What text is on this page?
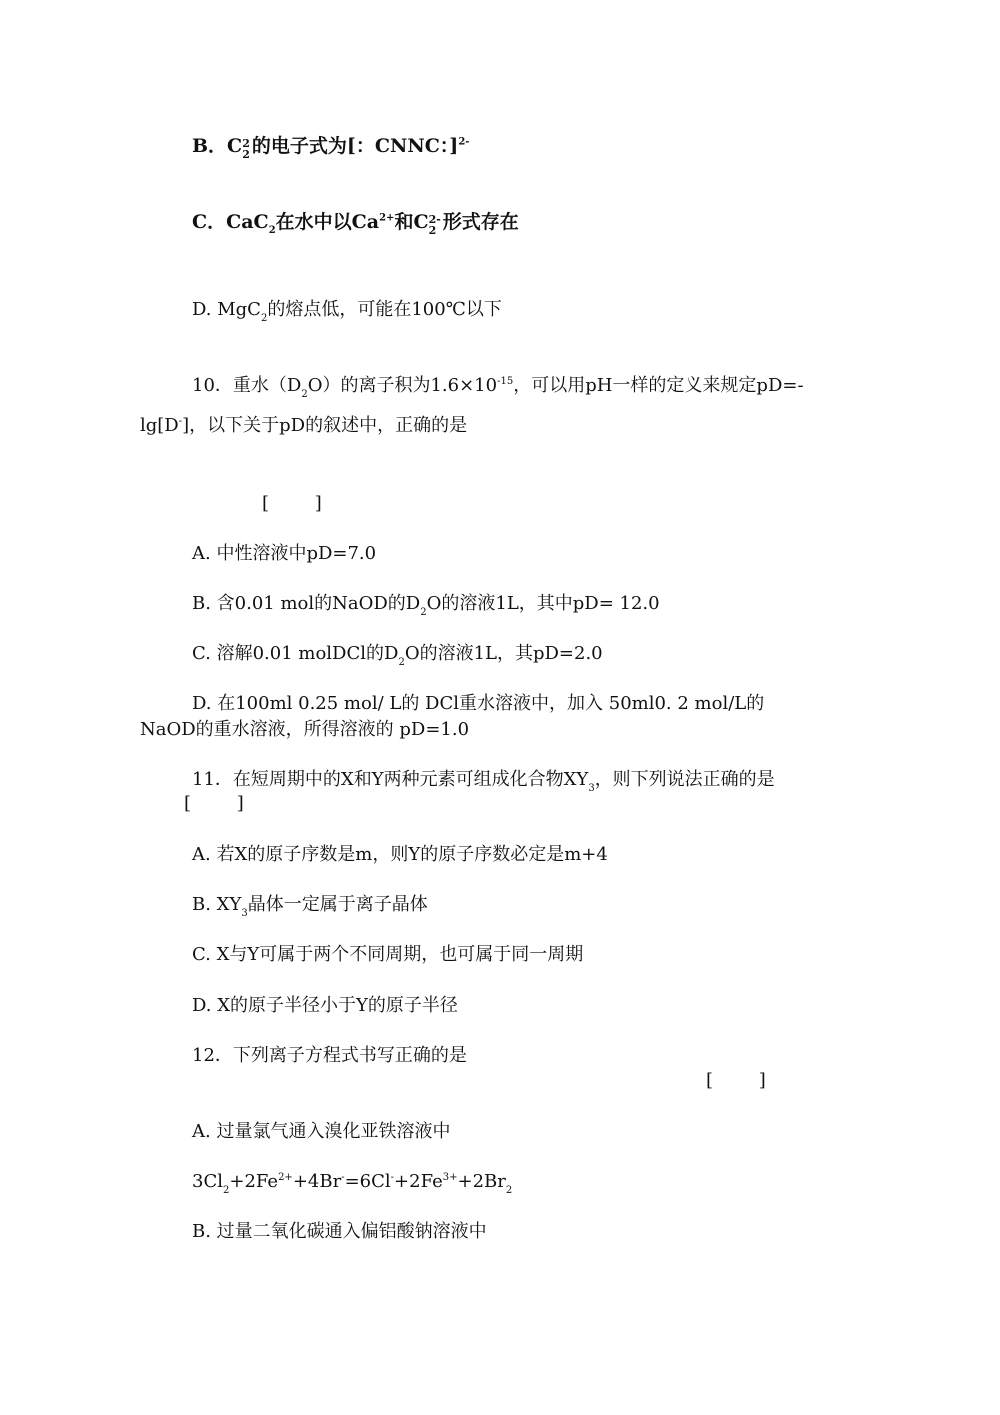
B．C 2
2 的电子式为[：CNNC：]$^{2-}$
C．CaC$_2$在水中以$Ca^{2+}$和C 2-
2 形式存在
D. MgC$_2$的熔点低，可能在100℃以下
10．重水$(D_2O)$的离子积为$1.6\times 10^{-15}$，可以用pH一样的定义来规定pD=-
lg[D-]，以下关于pD的叙述中，正确的是
[        ]
A. 中性溶液中pD=7.0
B. 含0.01 mol的NaOD的$D_2O$的溶液1L，其中pD= 12.0
C. 溶解0.01 molDCl的$D_2O$的溶液1L，其pD=2.0
D. 在100ml 0.25 mol/ L的 DCl重水溶液中，加入 50ml0. 2 mol/L的
NaOD的重水溶液，所得溶液的 pD=1.0
11．在短周期中的X和Y两种元素可组成化合物$XY_3$，则下列说法正确的是
[        ]
A. 若X的原子序数是m，则Y的原子序数必定是m+4
B. $XY_3$晶体一定属于离子晶体
C. X与Y可属于两个不同周期，也可属于同一周期
D. X的原子半径小于Y的原子半径
12．下列离子方程式书写正确的是
[        ]
A. 过量氯气通入溴化亚铁溶液中
$3Cl_2+2Fe^{2+}+4Br^-=6Cl^-+2Fe^{3+}+2Br_2$
B. 过量二氧化碳通入偏铝酸钠溶液中
